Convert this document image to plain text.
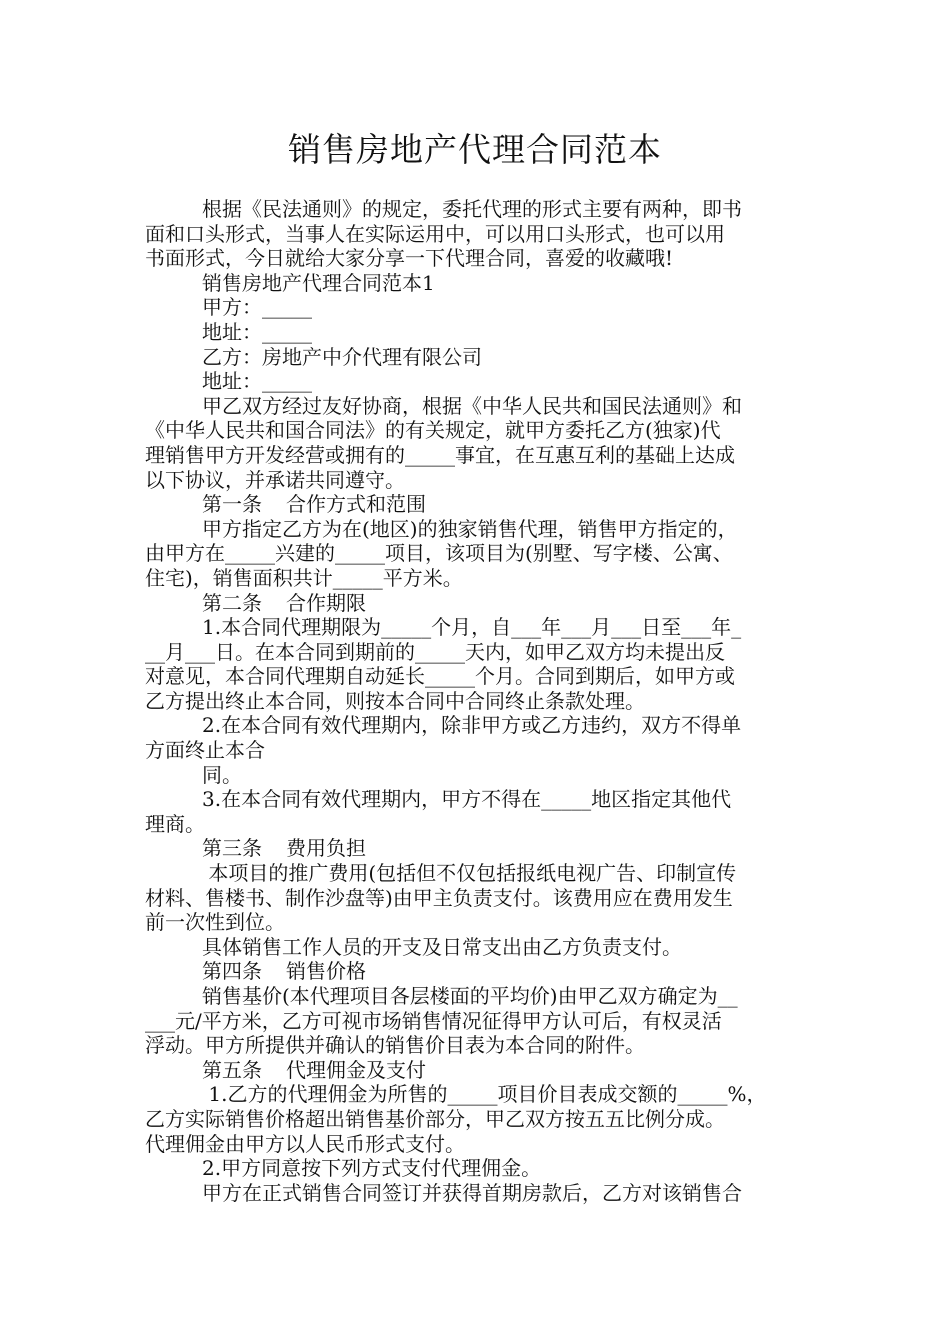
销售房地产代理合同范本

根据《民法通则》的规定，委托代理的形式主要有两种，即书

面和口头形式，当事人在实际运用中，可以用口头形式，也可以用

书面形式，今日就给大家分享一下代理合同，喜爱的收藏哦!

销售房地产代理合同范本1

甲方：_____

地址：_____

乙方：房地产中介代理有限公司

地址：_____

甲乙双方经过友好协商，根据《中华人民共和国民法通则》和

《中华人民共和国合同法》的有关规定，就甲方委托乙方(独家)代

理销售甲方开发经营或拥有的_____事宜，在互惠互利的基础上达成

以下协议，并承诺共同遵守。

第一条 合作方式和范围

甲方指定乙方为在(地区)的独家销售代理，销售甲方指定的，

由甲方在_____兴建的_____项目，该项目为(别墅、写字楼、公寓、

住宅)，销售面积共计_____平方米。

第二条 合作期限

1.本合同代理期限为_____个月，自___年___月___日至___年_

__月___日。在本合同到期前的_____天内，如甲乙双方均未提出反

对意见，本合同代理期自动延长_____个月。合同到期后，如甲方或

乙方提出终止本合同，则按本合同中合同终止条款处理。

2.在本合同有效代理期内，除非甲方或乙方违约，双方不得单

方面终止本合

同。

3.在本合同有效代理期内，甲方不得在_____地区指定其他代

理商。

第三条 费用负担

本项目的推广费用(包括但不仅包括报纸电视广告、印制宣传

材料、售楼书、制作沙盘等)由甲主负责支付。该费用应在费用发生

前一次性到位。

具体销售工作人员的开支及日常支出由乙方负责支付。

第四条 销售价格

销售基价(本代理项目各层楼面的平均价)由甲乙双方确定为__

___元/平方米，乙方可视市场销售情况征得甲方认可后，有权灵活

浮动。甲方所提供并确认的销售价目表为本合同的附件。

第五条 代理佣金及支付

1.乙方的代理佣金为所售的_____项目价目表成交额的_____%，

乙方实际销售价格超出销售基价部分，甲乙双方按五五比例分成。

代理佣金由甲方以人民币形式支付。

2.甲方同意按下列方式支付代理佣金。

甲方在正式销售合同签订并获得首期房款后，乙方对该销售合
